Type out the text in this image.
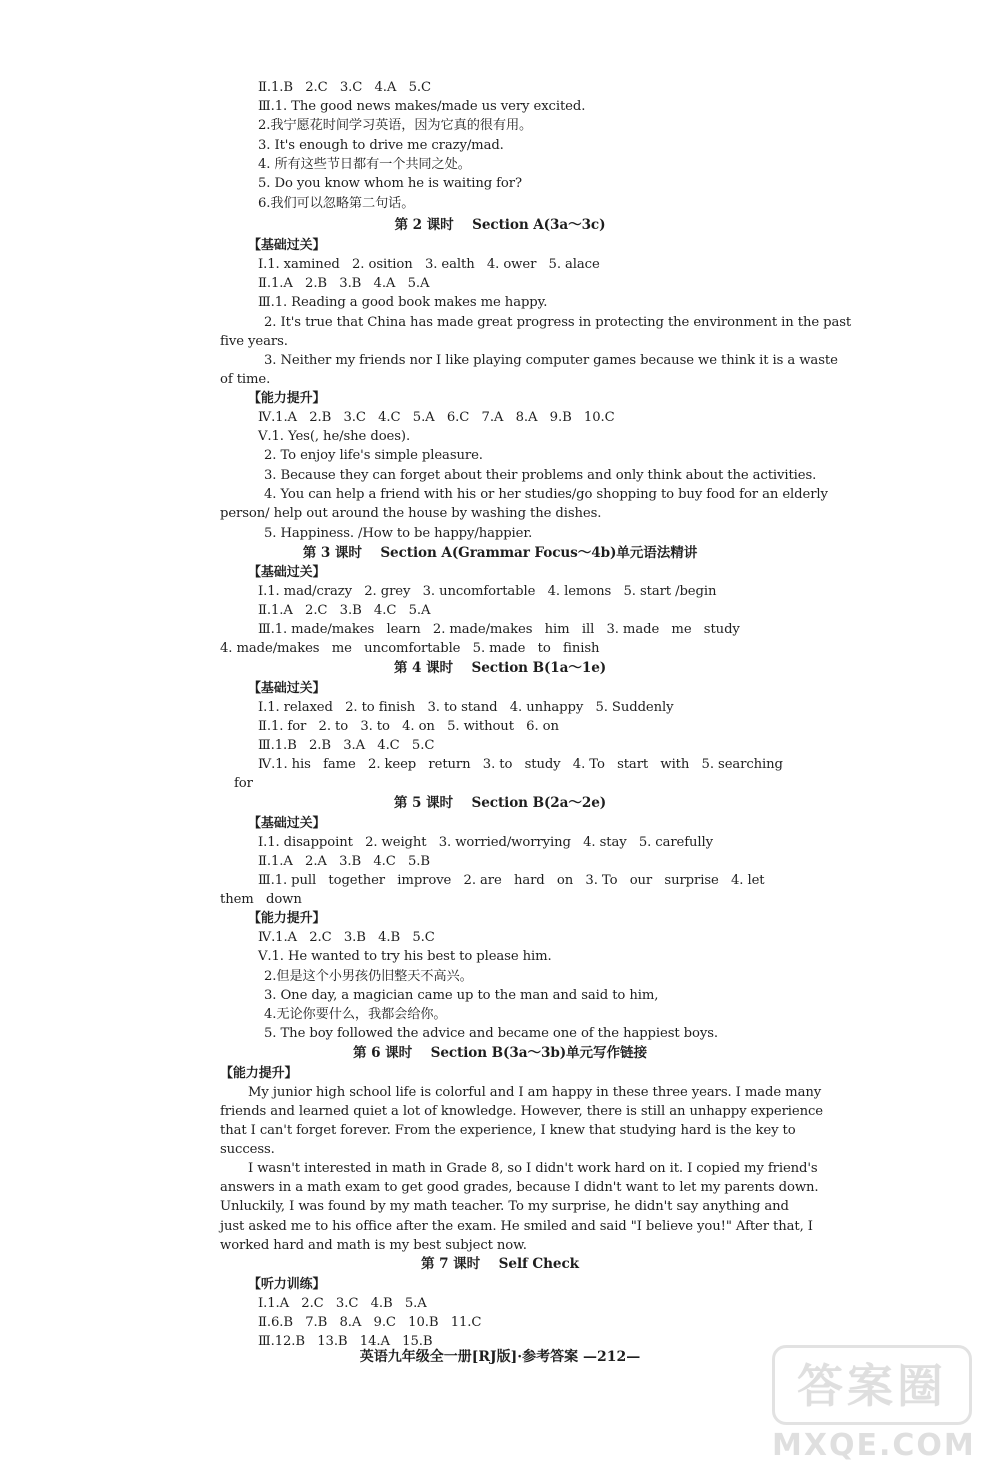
Ⅱ.1.B   2.C   3.C   4.A   5.C
Ⅲ.1. The good news makes/made us very excited.
2.我宁愿花时间学习英语，因为它真的很有用。
3. It's enough to drive me crazy/mad.
4. 所有这些节日都有一个共同之处。
5. Do you know whom he is waiting for?
6.我们可以忽略第二句话。
第 2 课时    Section A(3a～3c)
【基础过关】
Ⅰ.1. xamined   2. osition   3. ealth   4. ower   5. alace
Ⅱ.1.A   2.B   3.B   4.A   5.A
Ⅲ.1. Reading a good book makes me happy.
2. It's true that China has made great progress in protecting the environment in the past
five years.
3. Neither my friends nor I like playing computer games because we think it is a waste
of time.
【能力提升】
Ⅳ.1.A   2.B   3.C   4.C   5.A   6.C   7.A   8.A   9.B   10.C
Ⅴ.1. Yes(, he/she does).
2. To enjoy life's simple pleasure.
3. Because they can forget about their problems and only think about the activities.
4. You can help a friend with his or her studies/go shopping to buy food for an elderly
person/ help out around the house by washing the dishes.
5. Happiness. /How to be happy/happier.
第 3 课时    Section A(Grammar Focus～4b)单元语法精讲
【基础过关】
Ⅰ.1. mad/crazy   2. grey   3. uncomfortable   4. lemons   5. start /begin
Ⅱ.1.A   2.C   3.B   4.C   5.A
Ⅲ.1. made/makes   learn   2. made/makes   him   ill   3. made   me   study
4. made/makes   me   uncomfortable   5. made   to   finish
第 4 课时    Section B(1a～1e)
【基础过关】
Ⅰ.1. relaxed   2. to finish   3. to stand   4. unhappy   5. Suddenly
Ⅱ.1. for   2. to   3. to   4. on   5. without   6. on
Ⅲ.1.B   2.B   3.A   4.C   5.C
Ⅳ.1. his   fame   2. keep   return   3. to   study   4. To   start   with   5. searching
for
第 5 课时    Section B(2a～2e)
【基础过关】
Ⅰ.1. disappoint   2. weight   3. worried/worrying   4. stay   5. carefully
Ⅱ.1.A   2.A   3.B   4.C   5.B
Ⅲ.1. pull   together   improve   2. are   hard   on   3. To   our   surprise   4. let
them   down
【能力提升】
Ⅳ.1.A   2.C   3.B   4.B   5.C
Ⅴ.1. He wanted to try his best to please him.
2.但是这个小男孩仍旧整天不高兴。
3. One day, a magician came up to the man and said to him,
4.无论你要什么，我都会给你。
5. The boy followed the advice and became one of the happiest boys.
第 6 课时    Section B(3a～3b)单元写作链接
【能力提升】
My junior high school life is colorful and I am happy in these three years. I made many
friends and learned quiet a lot of knowledge. However, there is still an unhappy experience
that I can't forget forever. From the experience, I knew that studying hard is the key to
success.
I wasn't interested in math in Grade 8, so I didn't work hard on it. I copied my friend's
answers in a math exam to get good grades, because I didn't want to let my parents down.
Unluckily, I was found by my math teacher. To my surprise, he didn't say anything and
just asked me to his office after the exam. He smiled and said "I believe you!" After that, I
worked hard and math is my best subject now.
第 7 课时    Self Check
【听力训练】
Ⅰ.1.A   2.C   3.C   4.B   5.A
Ⅱ.6.B   7.B   8.A   9.C   10.B   11.C
Ⅲ.12.B   13.B   14.A   15.B
英语九年级全一册[RJ版]·参考答案 —212—
答案圈
MXQE.COM
